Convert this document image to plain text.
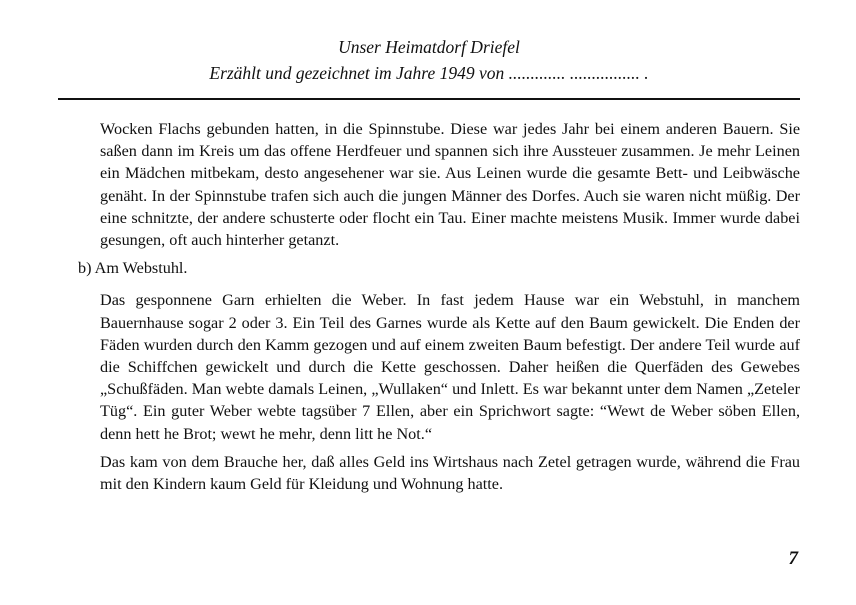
Unser Heimatdorf Driefel
Erzählt und gezeichnet im Jahre 1949 von ............. ................ .

Wocken Flachs gebunden hatten, in die Spinnstube. Diese war jedes Jahr bei einem anderen Bauern. Sie saßen dann im Kreis um das offene Herdfeuer und spannen sich ihre Aussteuer zusammen. Je mehr Leinen ein Mädchen mitbekam, desto angesehener war sie. Aus Leinen wurde die gesamte Bett- und Leibwäsche genäht. In der Spinnstube trafen sich auch die jungen Männer des Dorfes. Auch sie waren nicht müßig. Der eine schnitzte, der andere schusterte oder flocht ein Tau. Einer machte meistens Musik. Immer wurde dabei gesungen, oft auch hinterher getanzt.

b) Am Webstuhl.

Das gesponnene Garn erhielten die Weber. In fast jedem Hause war ein Webstuhl, in manchem Bauernhause sogar 2 oder 3. Ein Teil des Garnes wurde als Kette auf den Baum gewickelt. Die Enden der Fäden wurden durch den Kamm gezogen und auf einem zweiten Baum befestigt. Der andere Teil wurde auf die Schiffchen gewickelt und durch die Kette geschossen. Daher heißen die Querfäden des Gewebes „Schußfäden. Man webte damals Leinen, „Wullaken“ und Inlett. Es war bekannt unter dem Namen „Zeteler Tüg“. Ein guter Weber webte tagsüber 7 Ellen, aber ein Sprichwort sagte: “Wewt de Weber söben Ellen, denn hett he Brot; wewt he mehr, denn litt he Not.“

Das kam von dem Brauche her, daß alles Geld ins Wirtshaus nach Zetel getragen wurde, während die Frau mit den Kindern kaum Geld für Kleidung und Wohnung hatte.

7
